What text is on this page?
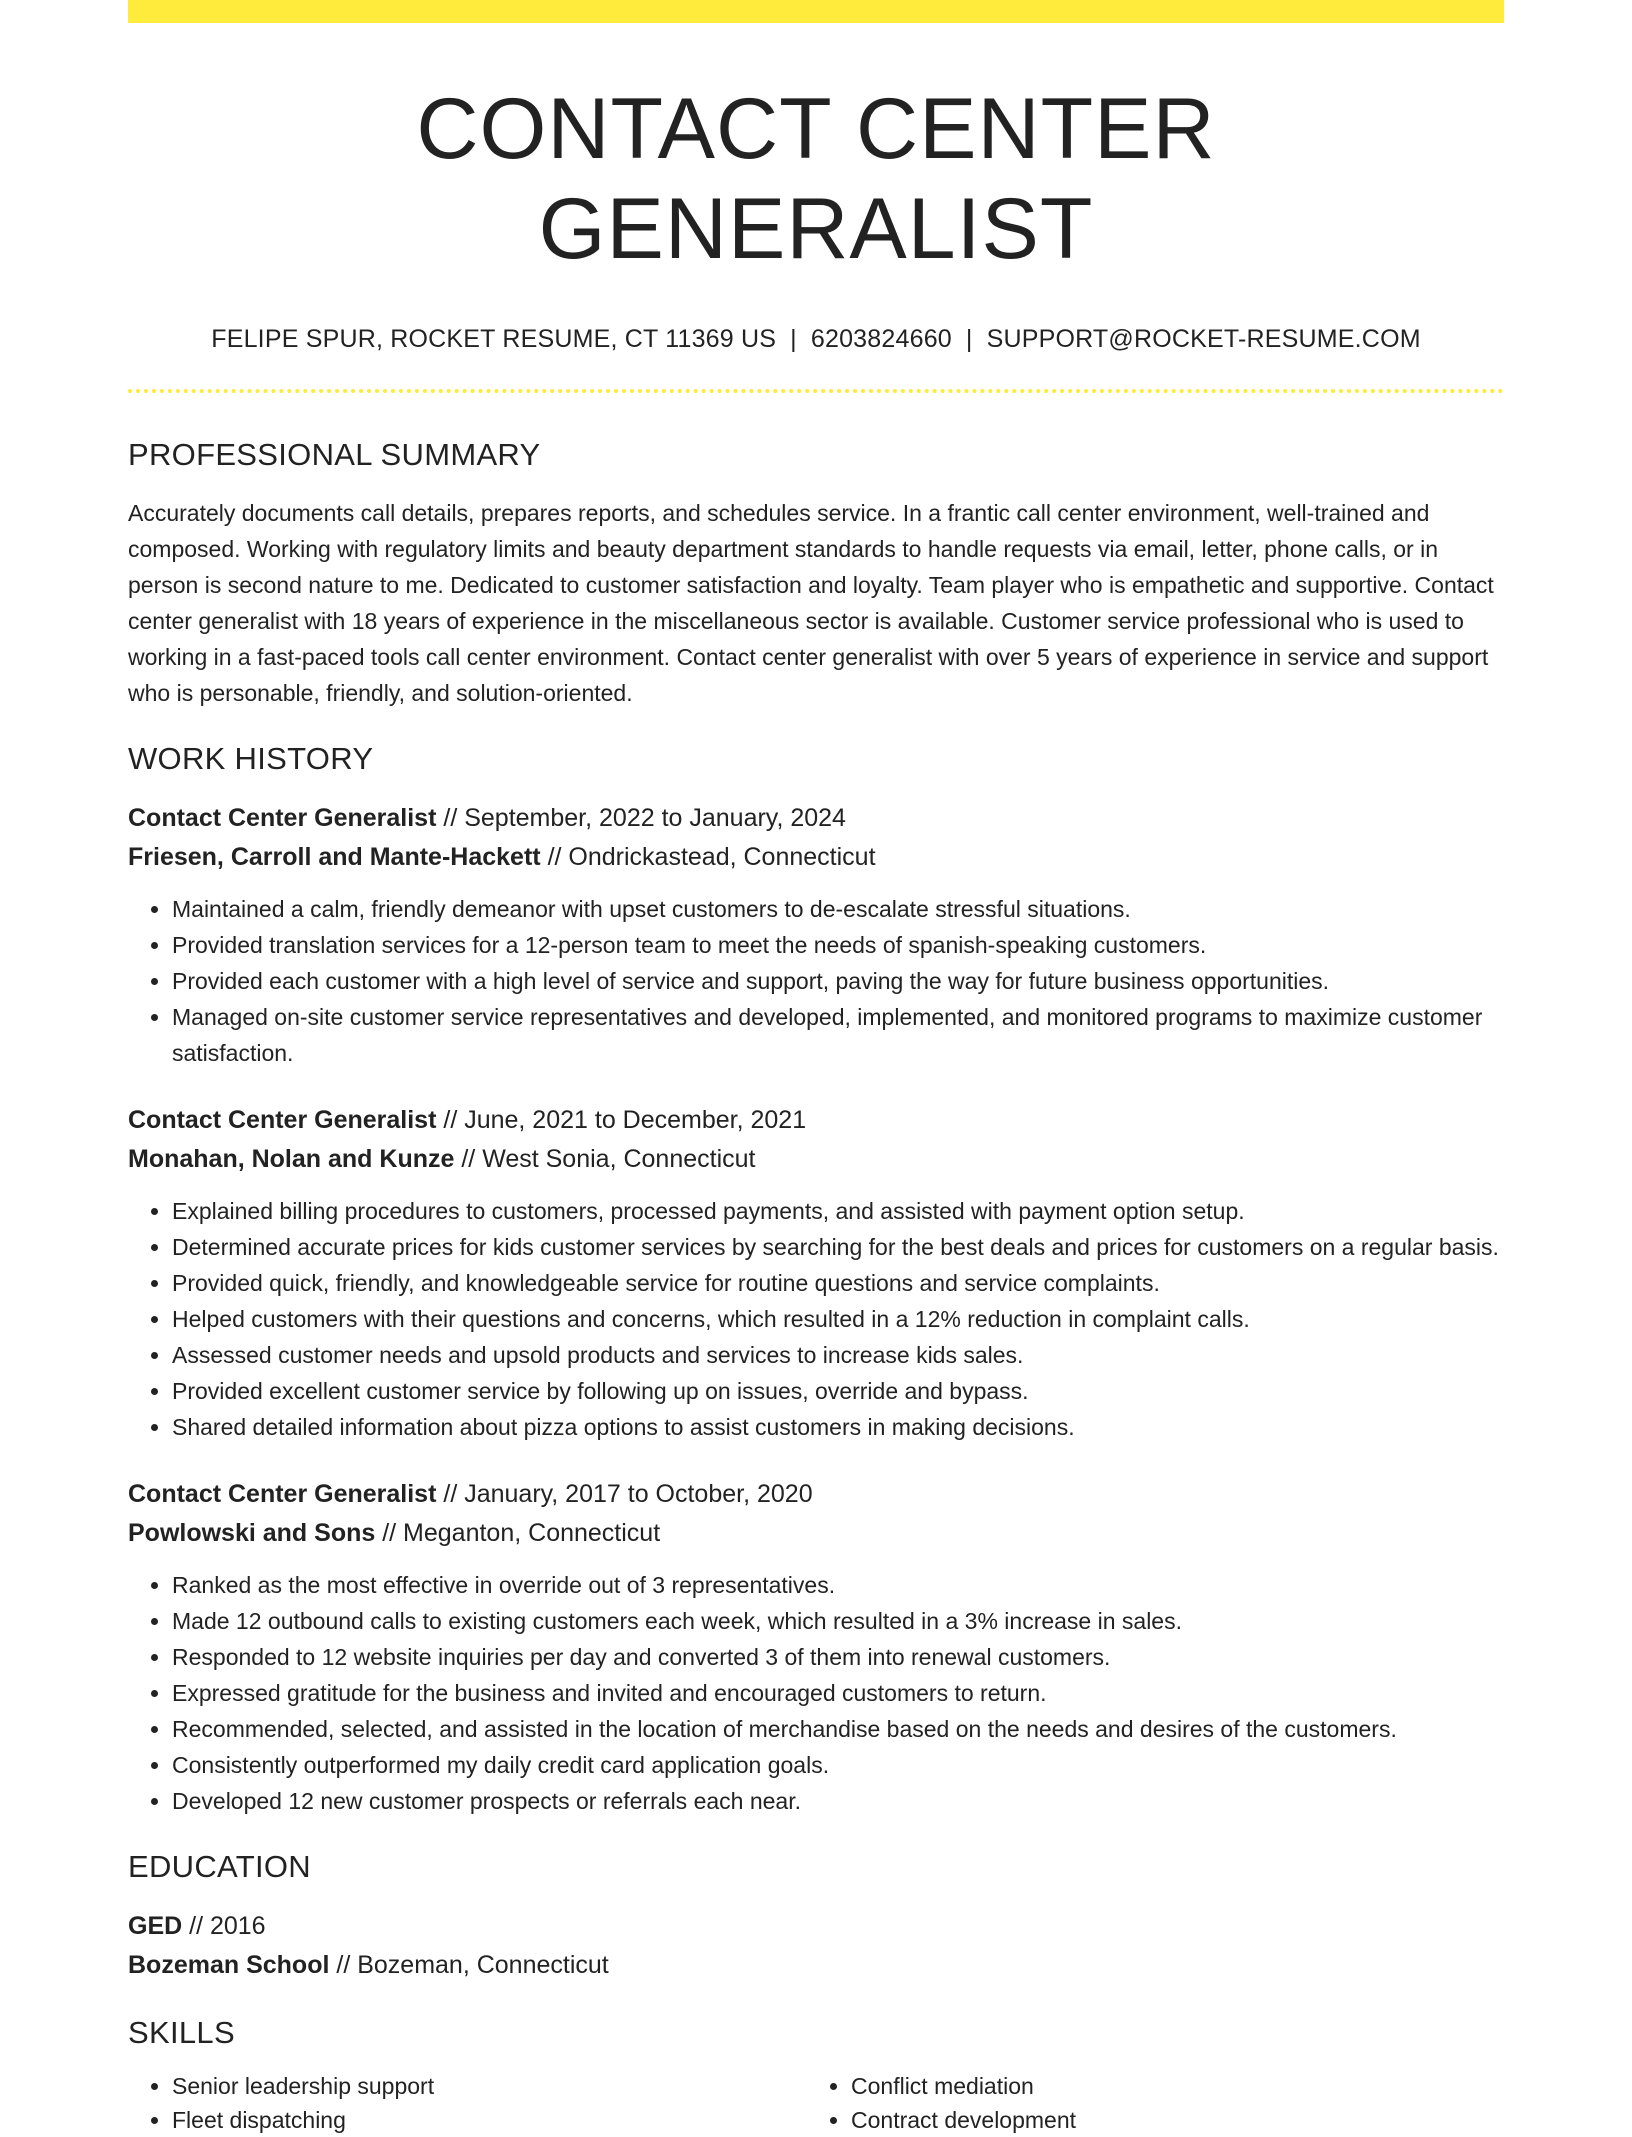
CONTACT CENTER GENERALIST
FELIPE SPUR, ROCKET RESUME, CT 11369 US | 6203824660 | SUPPORT@ROCKET-RESUME.COM
PROFESSIONAL SUMMARY
Accurately documents call details, prepares reports, and schedules service. In a frantic call center environment, well-trained and composed. Working with regulatory limits and beauty department standards to handle requests via email, letter, phone calls, or in person is second nature to me. Dedicated to customer satisfaction and loyalty. Team player who is empathetic and supportive. Contact center generalist with 18 years of experience in the miscellaneous sector is available. Customer service professional who is used to working in a fast-paced tools call center environment. Contact center generalist with over 5 years of experience in service and support who is personable, friendly, and solution-oriented.
WORK HISTORY
Contact Center Generalist // September, 2022 to January, 2024
Friesen, Carroll and Mante-Hackett // Ondrickastead, Connecticut
• Maintained a calm, friendly demeanor with upset customers to de-escalate stressful situations.
• Provided translation services for a 12-person team to meet the needs of spanish-speaking customers.
• Provided each customer with a high level of service and support, paving the way for future business opportunities.
• Managed on-site customer service representatives and developed, implemented, and monitored programs to maximize customer satisfaction.
Contact Center Generalist // June, 2021 to December, 2021
Monahan, Nolan and Kunze // West Sonia, Connecticut
• Explained billing procedures to customers, processed payments, and assisted with payment option setup.
• Determined accurate prices for kids customer services by searching for the best deals and prices for customers on a regular basis.
• Provided quick, friendly, and knowledgeable service for routine questions and service complaints.
• Helped customers with their questions and concerns, which resulted in a 12% reduction in complaint calls.
• Assessed customer needs and upsold products and services to increase kids sales.
• Provided excellent customer service by following up on issues, override and bypass.
• Shared detailed information about pizza options to assist customers in making decisions.
Contact Center Generalist // January, 2017 to October, 2020
Powlowski and Sons // Meganton, Connecticut
• Ranked as the most effective in override out of 3 representatives.
• Made 12 outbound calls to existing customers each week, which resulted in a 3% increase in sales.
• Responded to 12 website inquiries per day and converted 3 of them into renewal customers.
• Expressed gratitude for the business and invited and encouraged customers to return.
• Recommended, selected, and assisted in the location of merchandise based on the needs and desires of the customers.
• Consistently outperformed my daily credit card application goals.
• Developed 12 new customer prospects or referrals each near.
EDUCATION
GED // 2016
Bozeman School // Bozeman, Connecticut
SKILLS
• Senior leadership support
• Fleet dispatching
• Conflict mediation
• Contract development
